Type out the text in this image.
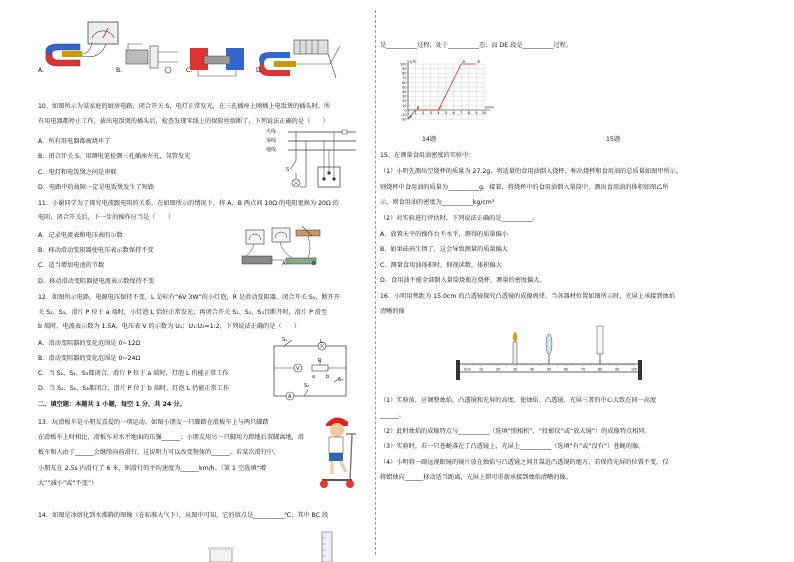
A.	B.	C.	D.
10、如图所示为某家庭的厨房电路，闭合开关 S，电灯正常发光，在三孔插座上刚插上电饭煲的插头时，所
有用电器都停止工作，拔出电饭煲的插头后，检查发现零线上的保险丝熔断了，下列说法正确的是（　　）
A．所有用电器都被烧坏了
B．闭合开关 S，用测电笔检测三孔插座左孔，氖管发光
C．电灯和电饭煲之间是串联
D．电路中的故障一定是电饭煲发生了短路
火线
零线
地线
S
11．小谢同学为了探究电流跟电阻的关系，在如图所示的情况下，将 A、B 两点间 10Ω 的电阻更换为 20Ω 的
电阻，闭合开关后，下一步的操作应当是（　　）
A．记录电流表和电压表的示数
B．移动滑动变阻器使电压表示数保持不变
C．适当增加电池的节数
D．移动滑动变阻器使电流表示数保持不变
A	B
12．如图所示电路，电源电压保持不变，L 是标有“6V 3W”的小灯泡，R 是滑动变阻器，闭合开关 S₁，断开开
关 S₂、S₃，滑片 P 位于 a 端时，小灯泡 L 恰好正常发光；再闭合开关 S₁、S₂、S₃且断开时，滑片 P 滑至
b 端时，电流表示数为 1.5A，电压表 V 的示数为 U₁；U₁:U₂=1:2，下列说法正确的是（　　）
A．滑动变阻器的变化范围是 0~12Ω
B．滑动变阻器的变化范围是 0~24Ω
C．当 S₁、S₂、S₃都闭合，滑片 P 位于 a 端时，灯泡 L 仍能正常工作
D．当 S₁、S₂、S₃都闭合，滑片 P 位于 b 端时，灯泡 L 仍能正常工作
S₁	L
V
R
a b
S₂
S₃
A
二、填空题：本题共 1 小题，每空 1 分，共 24 分。
13．玩滑板车是小朋友喜爱的一项运动。如图小朋友一只脚踏在滑板车上与两只脚踏
在滑板车上时相比，滑板车对水平地面的压强______；小朋友用另一只脚用力蹬地后双脚离地，滑
板车和人由于______会继续向前滑行，这说明力可以改变物体的______。若某次滑行中，
小朋友在 2.5s 内滑行了 6 米，则滑行的平均速度为______km/h。（第 1 空选填“增
大”“减小”或“不变”）
14．如图是冰熔化到水沸腾的图像（在标准大气下），从图中可知，它的熔点是__________℃；其中 BC 段
是__________过程，处于__________态；而 DE 段是__________过程。
100
90
80
70
60
50
40
30
20
10
0
-10
-20
1 2 3 4 5 6 7 8 9 10
t/℃
t/min
A
B	C
D	E
14题	15题
15、在测量食用油密度的实验中：
（1）小明先测出空烧杯的质量为 27.2g，将适量的食用油倒入烧杯，称出烧杯和食用油的总质量如图甲所示，
则烧杯中食用油的质量为__________g，接着，将烧杯中的食用油倒入量筒中，测出食用油的体积如图乙所
示，则食用油的密度为__________kg/cm³
（2）对实验进行评估时，下列说法正确的是__________。
A．放置天平的操作台不水平，测得的质量偏小
B．如果砝码生锈了，这会导致测量的质量偏大
C．测量食用油体积时，仰视读数，体积偏大
D．食用油不能全部倒入量筒烧瓶在烧杯，测量的密度偏大。
16．小明用焦距为 15.0cm 的凸透镜探究凸透镜的成像规律，当各器材位置如图所示时，光屏上承接到烛焰
清晰的像
0cm	10	20	30	40	50	60	70	80	90	100
（1）实验前，应调整烛焰、凸透镜和光屏的高度，使烛焰、凸透镜、光屏三者的中心大致在同一高度
______。
（2）此时烛焰的成像特点与__________（选填“照相机”、“投影仪”或“放大镜”）的成像特点相同。
（3）实验时，若一只苍蝇落在了凸透镜上，光屏上__________（选填“有”或“没有”）苍蝇的像。
（4）小明将一副远视眼镜的镜片放在烛焰与凸透镜之间且靠近凸透镜的地方，若保持光屏的位置不变，仅
将蜡烛向______移动适当距离，光屏上即可重新承接到烛焰清晰的像。
